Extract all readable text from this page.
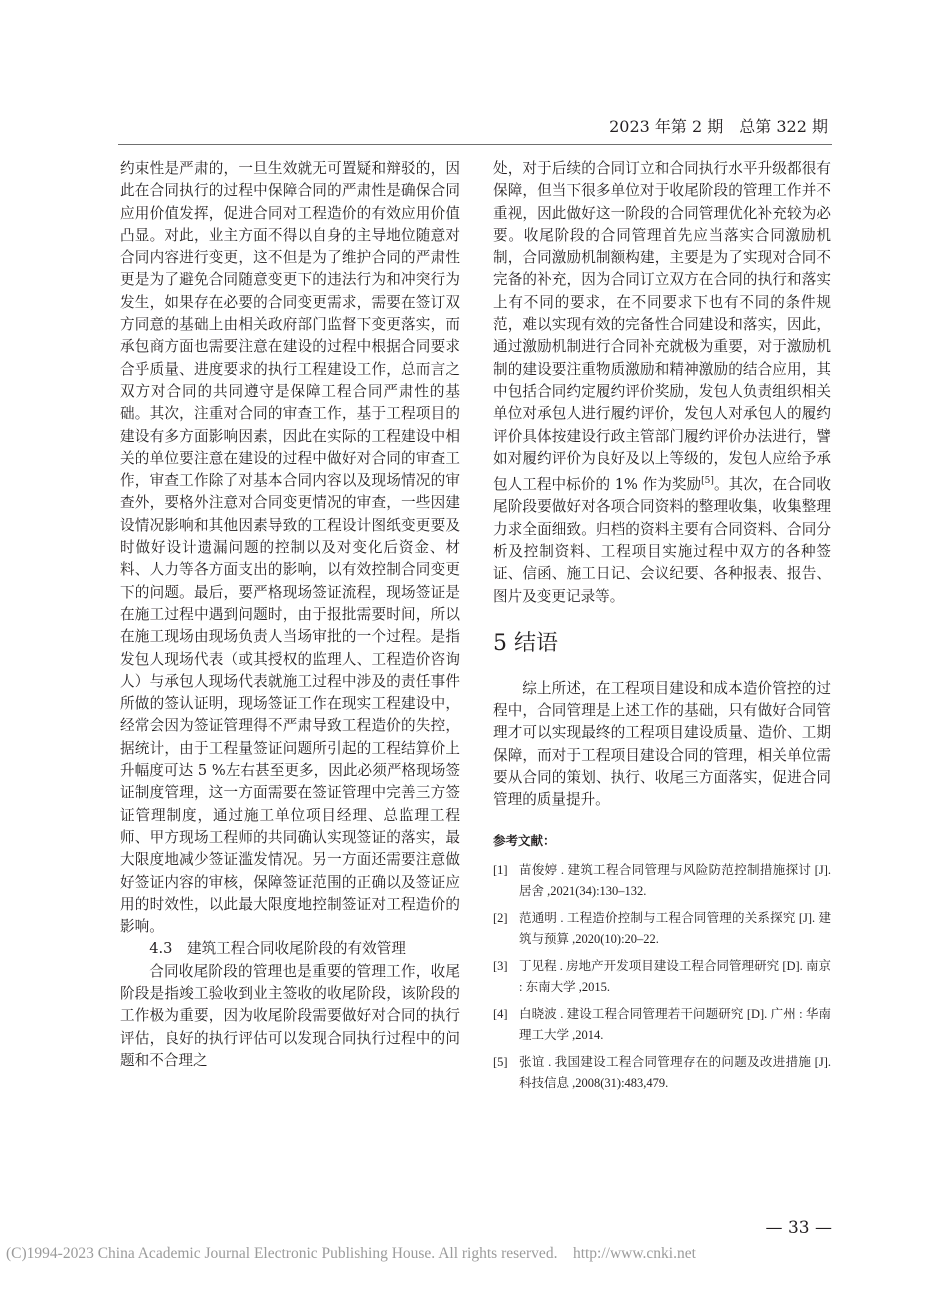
2023 年第 2 期　总第 322 期

约束性是严肃的，一旦生效就无可置疑和辩驳的，因此在合同执行的过程中保障合同的严肃性是确保合同应用价值发挥，促进合同对工程造价的有效应用价值凸显。对此，业主方面不得以自身的主导地位随意对合同内容进行变更，这不但是为了维护合同的严肃性更是为了避免合同随意变更下的违法行为和冲突行为发生，如果存在必要的合同变更需求，需要在签订双方同意的基础上由相关政府部门监督下变更落实，而承包商方面也需要注意在建设的过程中根据合同要求合乎质量、进度要求的执行工程建设工作，总而言之双方对合同的共同遵守是保障工程合同严肃性的基础。其次，注重对合同的审查工作，基于工程项目的建设有多方面影响因素，因此在实际的工程建设中相关的单位要注意在建设的过程中做好对合同的审查工作，审查工作除了对基本合同内容以及现场情况的审查外，要格外注意对合同变更情况的审查，一些因建设情况影响和其他因素导致的工程设计图纸变更要及时做好设计遗漏问题的控制以及对变化后资金、材料、人力等各方面支出的影响，以有效控制合同变更下的问题。最后，要严格现场签证流程，现场签证是在施工过程中遇到问题时，由于报批需要时间，所以在施工现场由现场负责人当场审批的一个过程。是指发包人现场代表（或其授权的监理人、工程造价咨询人）与承包人现场代表就施工过程中涉及的责任事件所做的签认证明，现场签证工作在现实工程建设中，经常会因为签证管理得不严肃导致工程造价的失控，据统计，由于工程量签证问题所引起的工程结算价上升幅度可达 5 %左右甚至更多，因此必须严格现场签证制度管理，这一方面需要在签证管理中完善三方签证管理制度，通过施工单位项目经理、总监理工程师、甲方现场工程师的共同确认实现签证的落实，最大限度地减少签证滥发情况。另一方面还需要注意做好签证内容的审核，保障签证范围的正确以及签证应用的时效性，以此最大限度地控制签证对工程造价的影响。

4.3　建筑工程合同收尾阶段的有效管理

合同收尾阶段的管理也是重要的管理工作，收尾阶段是指竣工验收到业主签收的收尾阶段，该阶段的工作极为重要，因为收尾阶段需要做好对合同的执行评估，良好的执行评估可以发现合同执行过程中的问题和不合理之

处，对于后续的合同订立和合同执行水平升级都很有保障，但当下很多单位对于收尾阶段的管理工作并不重视，因此做好这一阶段的合同管理优化补充较为必要。收尾阶段的合同管理首先应当落实合同激励机制，合同激励机制额构建，主要是为了实现对合同不完备的补充，因为合同订立双方在合同的执行和落实上有不同的要求，在不同要求下也有不同的条件规范，难以实现有效的完备性合同建设和落实，因此，通过激励机制进行合同补充就极为重要，对于激励机制的建设要注重物质激励和精神激励的结合应用，其中包括合同约定履约评价奖励，发包人负责组织相关单位对承包人进行履约评价，发包人对承包人的履约评价具体按建设行政主管部门履约评价办法进行，譬如对履约评价为良好及以上等级的，发包人应给予承包人工程中标价的 1% 作为奖励[5]。其次，在合同收尾阶段要做好对各项合同资料的整理收集，收集整理力求全面细致。归档的资料主要有合同资料、合同分析及控制资料、工程项目实施过程中双方的各种签证、信函、施工日记、会议纪要、各种报表、报告、图片及变更记录等。

5 结语

综上所述，在工程项目建设和成本造价管控的过程中，合同管理是上述工作的基础，只有做好合同管理才可以实现最终的工程项目建设质量、造价、工期保障，而对于工程项目建设合同的管理，相关单位需要从合同的策划、执行、收尾三方面落实，促进合同管理的质量提升。

参考文献：
[1] 苗俊婷 . 建筑工程合同管理与风险防范控制措施探讨 [J]. 居舍 ,2021(34):130–132.
[2] 范通明 . 工程造价控制与工程合同管理的关系探究 [J]. 建筑与预算 ,2020(10):20–22.
[3] 丁见程 . 房地产开发项目建设工程合同管理研究 [D]. 南京 : 东南大学 ,2015.
[4] 白晓波 . 建设工程合同管理若干问题研究 [D]. 广州 : 华南理工大学 ,2014.
[5] 张谊 . 我国建设工程合同管理存在的问题及改进措施 [J]. 科技信息 ,2008(31):483,479.
— 33 —
(C)1994-2023 China Academic Journal Electronic Publishing House. All rights reserved.　http://www.cnki.net
